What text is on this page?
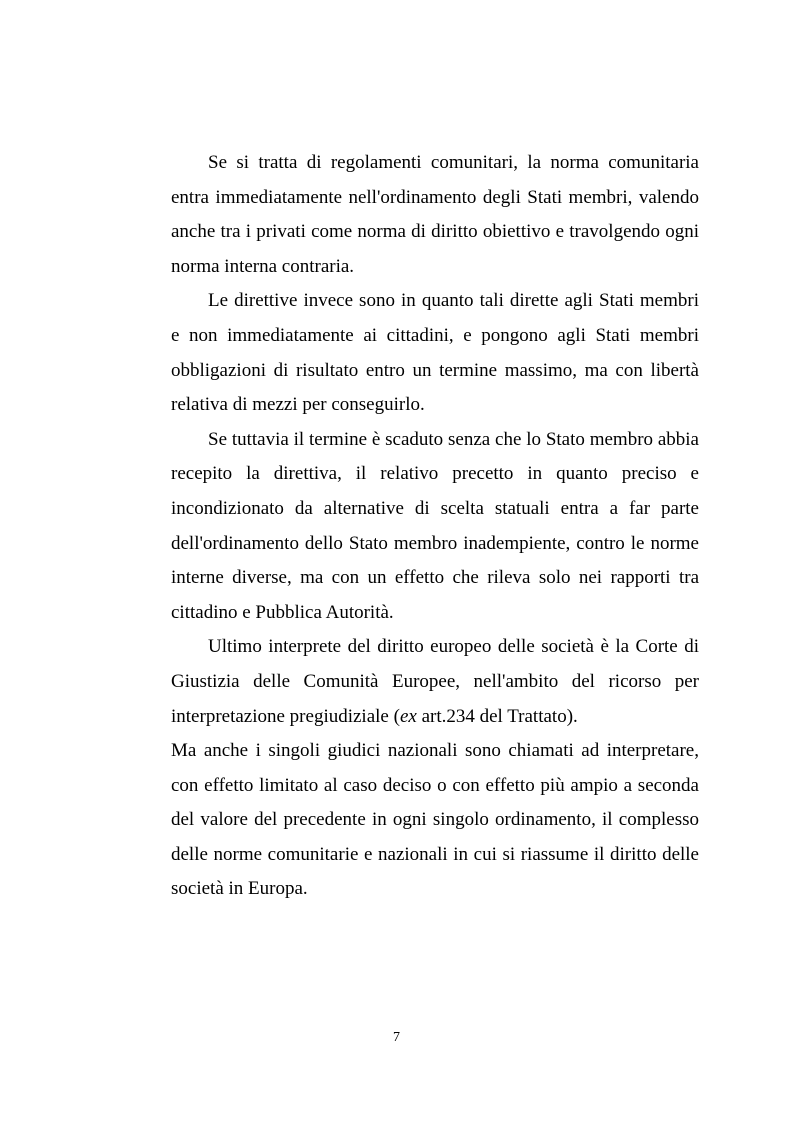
Se si tratta di regolamenti comunitari, la norma comunitaria entra immediatamente nell'ordinamento degli Stati membri, valendo anche tra i privati come norma di diritto obiettivo e travolgendo ogni norma interna contraria.

Le direttive invece sono in quanto tali dirette agli Stati membri e non immediatamente ai cittadini, e pongono agli Stati membri obbligazioni di risultato entro un termine massimo, ma con libertà relativa di mezzi per conseguirlo.

Se tuttavia il termine è scaduto senza che lo Stato membro abbia recepito la direttiva, il relativo precetto in quanto preciso e incondizionato da alternative di scelta statuali entra a far parte dell'ordinamento dello Stato membro inadempiente, contro le norme interne diverse, ma con un effetto che rileva solo nei rapporti tra cittadino e Pubblica Autorità.

Ultimo interprete del diritto europeo delle società è la Corte di Giustizia delle Comunità Europee, nell'ambito del ricorso per interpretazione pregiudiziale (ex art.234 del Trattato).

Ma anche i singoli giudici nazionali sono chiamati ad interpretare, con effetto limitato al caso deciso o con effetto più ampio a seconda del valore del precedente in ogni singolo ordinamento, il complesso delle norme comunitarie e nazionali in cui si riassume il diritto delle società in Europa.

7
